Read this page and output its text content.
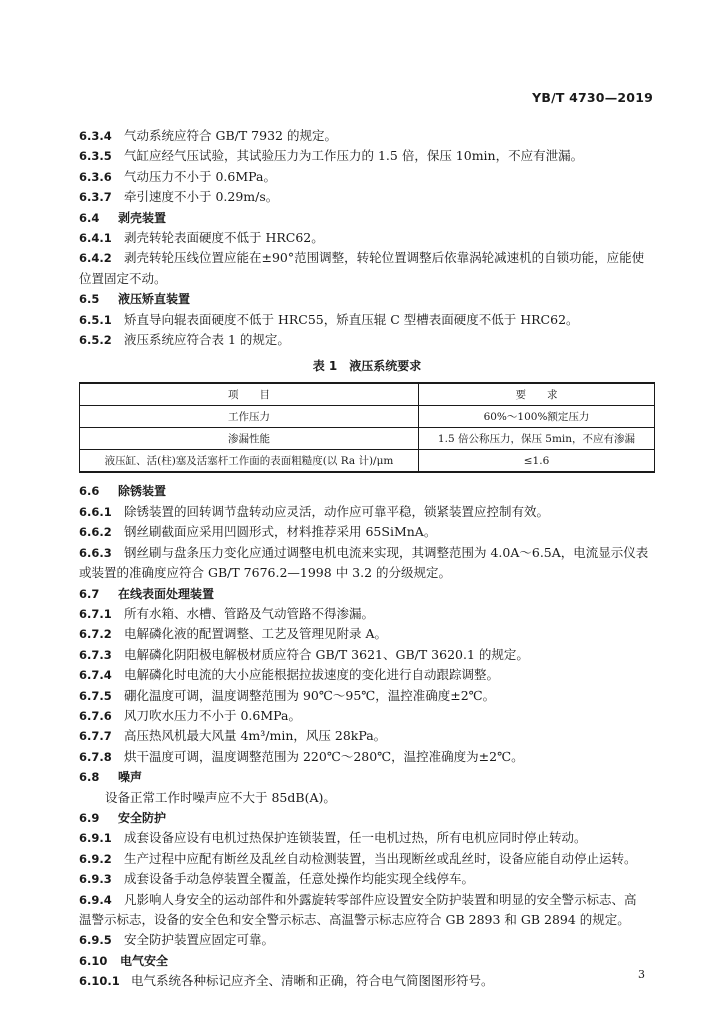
YB/T 4730—2019
6.3.4 气动系统应符合 GB/T 7932 的规定。
6.3.5 气缸应经气压试验，其试验压力为工作压力的 1.5 倍，保压 10min，不应有泄漏。
6.3.6 气动压力不小于 0.6MPa。
6.3.7 牵引速度不小于 0.29m/s。
6.4 剥壳装置
6.4.1 剥壳转轮表面硬度不低于 HRC62。
6.4.2 剥壳转轮压线位置应能在±90°范围调整，转轮位置调整后依靠涡轮减速机的自锁功能，应能使
位置固定不动。
6.5 液压矫直装置
6.5.1 矫直导向辊表面硬度不低于 HRC55，矫直压辊 C 型槽表面硬度不低于 HRC62。
6.5.2 液压系统应符合表 1 的规定。
表 1 液压系统要求
项　　目	要　　求
工作压力	60%～100%额定压力
渗漏性能	1.5 倍公称压力，保压 5min，不应有渗漏
液压缸、活(柱)塞及活塞杆工作面的表面粗糙度(以 Ra 计)/μm	≤1.6
6.6 除锈装置
6.6.1 除锈装置的回转调节盘转动应灵活，动作应可靠平稳，锁紧装置应控制有效。
6.6.2 钢丝刷截面应采用凹圆形式，材料推荐采用 65SiMnA。
6.6.3 钢丝刷与盘条压力变化应通过调整电机电流来实现，其调整范围为 4.0A～6.5A，电流显示仪表
或装置的准确度应符合 GB/T 7676.2—1998 中 3.2 的分级规定。
6.7 在线表面处理装置
6.7.1 所有水箱、水槽、管路及气动管路不得渗漏。
6.7.2 电解磷化液的配置调整、工艺及管理见附录 A。
6.7.3 电解磷化阴阳极电解极材质应符合 GB/T 3621、GB/T 3620.1 的规定。
6.7.4 电解磷化时电流的大小应能根据拉拔速度的变化进行自动跟踪调整。
6.7.5 硼化温度可调，温度调整范围为 90℃～95℃，温控准确度±2℃。
6.7.6 风刀吹水压力不小于 0.6MPa。
6.7.7 高压热风机最大风量 4m³/min，风压 28kPa。
6.7.8 烘干温度可调，温度调整范围为 220℃～280℃，温控准确度为±2℃。
6.8 噪声
设备正常工作时噪声应不大于 85dB(A)。
6.9 安全防护
6.9.1 成套设备应设有电机过热保护连锁装置，任一电机过热，所有电机应同时停止转动。
6.9.2 生产过程中应配有断丝及乱丝自动检测装置，当出现断丝或乱丝时，设备应能自动停止运转。
6.9.3 成套设备手动急停装置全覆盖，任意处操作均能实现全线停车。
6.9.4 凡影响人身安全的运动部件和外露旋转零部件应设置安全防护装置和明显的安全警示标志、高
温警示标志，设备的安全色和安全警示标志、高温警示标志应符合 GB 2893 和 GB 2894 的规定。
6.9.5 安全防护装置应固定可靠。
6.10 电气安全
6.10.1 电气系统各种标记应齐全、清晰和正确，符合电气简图图形符号。	3
